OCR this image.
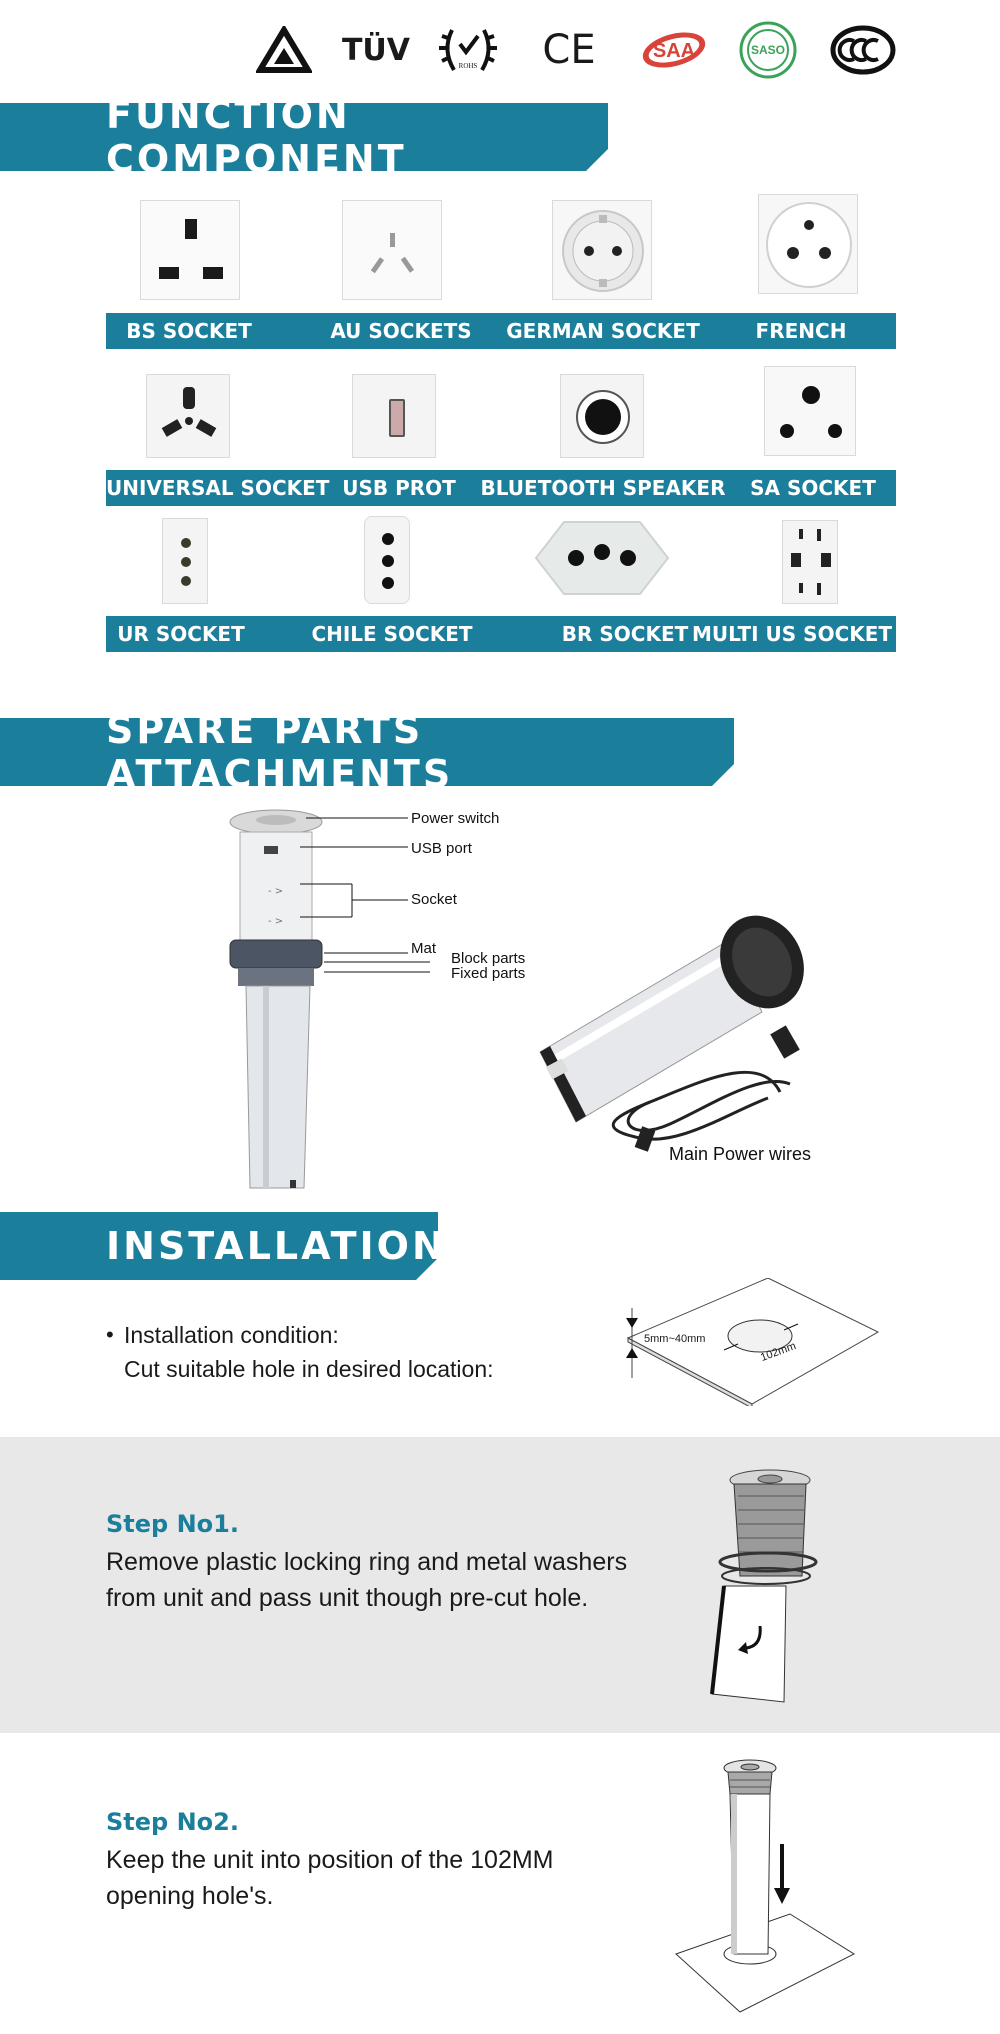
TÜV	ROHS CE	SAA	SASO
FUNCTION COMPONENT
BS SOCKET	AU SOCKETS	GERMAN SOCKET	FRENCH
UNIVERSAL SOCKET USB PROT	BLUETOOTH SPEAKER	SA SOCKET
UR SOCKET	CHILE SOCKET	BR SOCKET MULTI US SOCKET
SPARE PARTS ATTACHMENTS
- >
- >
Power switch
USB port
Socket
Mat
Block parts
Fixed parts
Main Power wires
INSTALLATION
• Installation condition:
Cut suitable hole in desired location:
5mm~40mm
102mm
Step No1.
Remove plastic locking ring and metal washers
from unit and pass unit though pre-cut hole.
Step No2.
Keep the unit into position of the 102MM
opening hole's.
